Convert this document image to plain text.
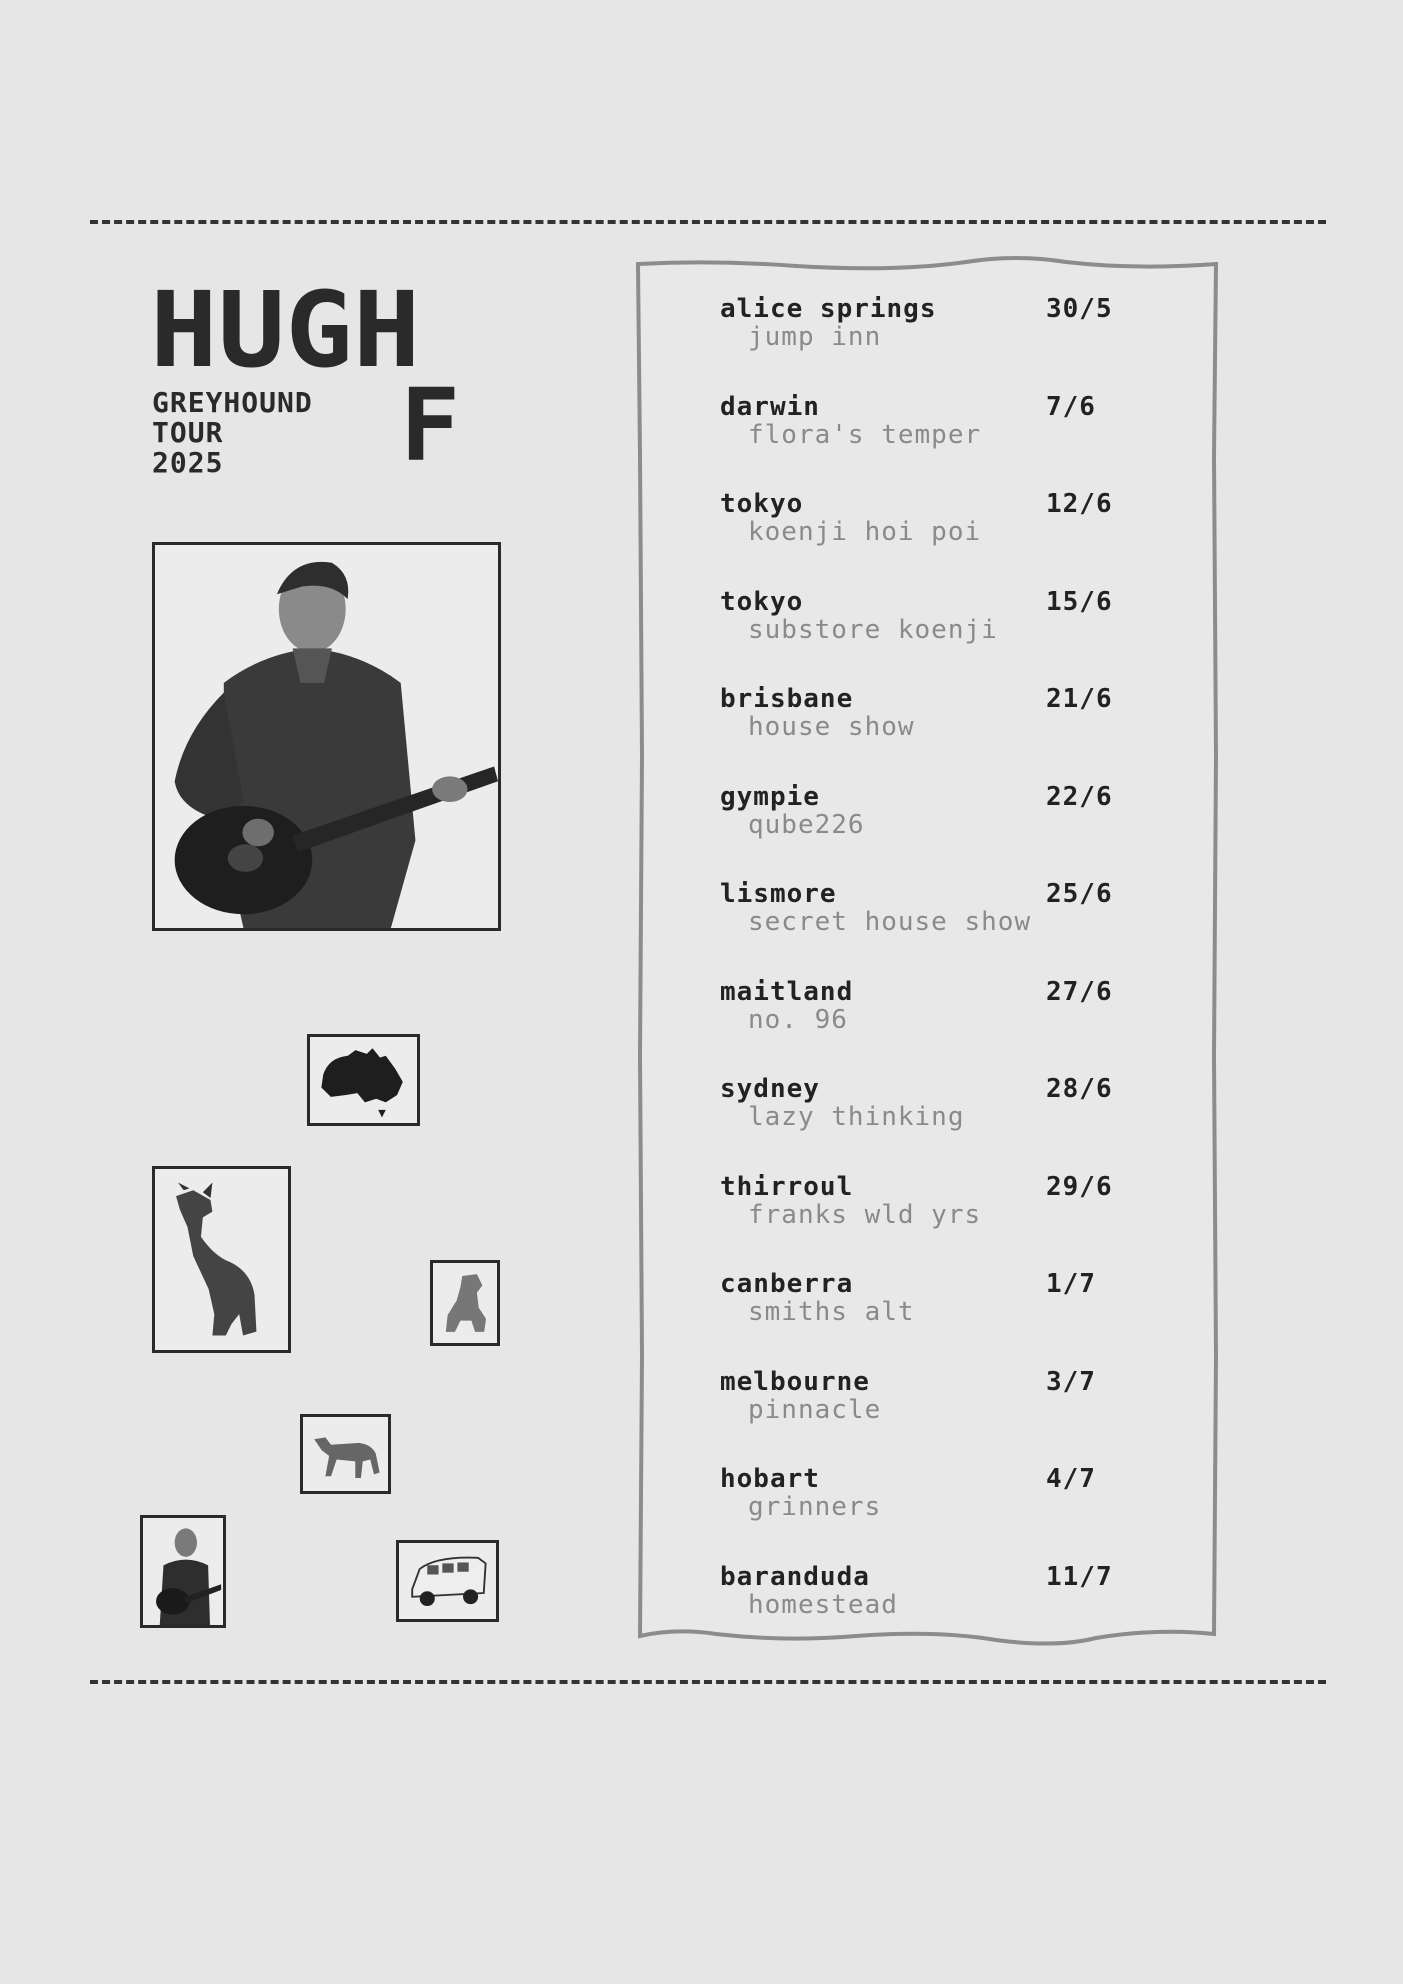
HUGH
F
GREYHOUND
TOUR
2025
alice springs	30/5
jump inn
darwin	7/6
flora's temper
tokyo	12/6
koenji hoi poi
tokyo	15/6
substore koenji
brisbane	21/6
house show
gympie	22/6
qube226
lismore	25/6
secret house show
maitland	27/6
no. 96
sydney	28/6
lazy thinking
thirroul	29/6
franks wld yrs
canberra	1/7
smiths alt
melbourne	3/7
pinnacle
hobart	4/7
grinners
baranduda	11/7
homestead
